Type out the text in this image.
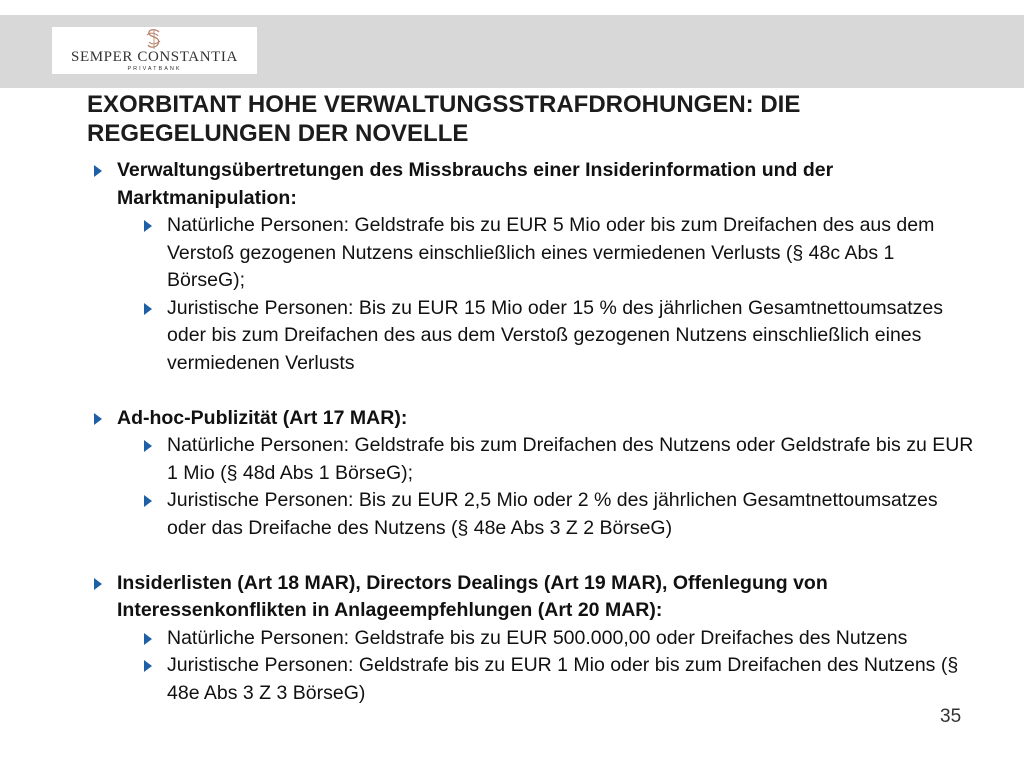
SEMPER CONSTANTIA
PRIVATBANK
EXORBITANT HOHE VERWALTUNGSSTRAFDROHUNGEN: DIE
REGEGELUNGEN DER NOVELLE
Verwaltungsübertretungen des Missbrauchs einer Insiderinformation und der Marktmanipulation:
Natürliche Personen: Geldstrafe bis zu EUR 5 Mio oder bis zum Dreifachen des aus dem Verstoß gezogenen Nutzens einschließlich eines vermiedenen Verlusts (§ 48c Abs 1 BörseG);
Juristische Personen: Bis zu EUR 15 Mio oder 15 % des jährlichen Gesamtnettoumsatzes oder bis zum Dreifachen des aus dem Verstoß gezogenen Nutzens einschließlich eines vermiedenen Verlusts
Ad-hoc-Publizität (Art 17 MAR):
Natürliche Personen: Geldstrafe bis zum Dreifachen des Nutzens oder Geldstrafe bis zu EUR 1 Mio (§ 48d Abs 1 BörseG);
Juristische Personen: Bis zu EUR 2,5 Mio oder 2 % des jährlichen Gesamtnettoumsatzes oder das Dreifache des Nutzens (§ 48e Abs 3 Z 2 BörseG)
Insiderlisten (Art 18 MAR), Directors Dealings (Art 19 MAR), Offenlegung von Interessenkonflikten in Anlageempfehlungen (Art 20 MAR):
Natürliche Personen: Geldstrafe bis zu EUR 500.000,00 oder Dreifaches des Nutzens
Juristische Personen: Geldstrafe bis zu EUR 1 Mio oder bis zum Dreifachen des Nutzens (§ 48e Abs 3 Z 3 BörseG)
35
